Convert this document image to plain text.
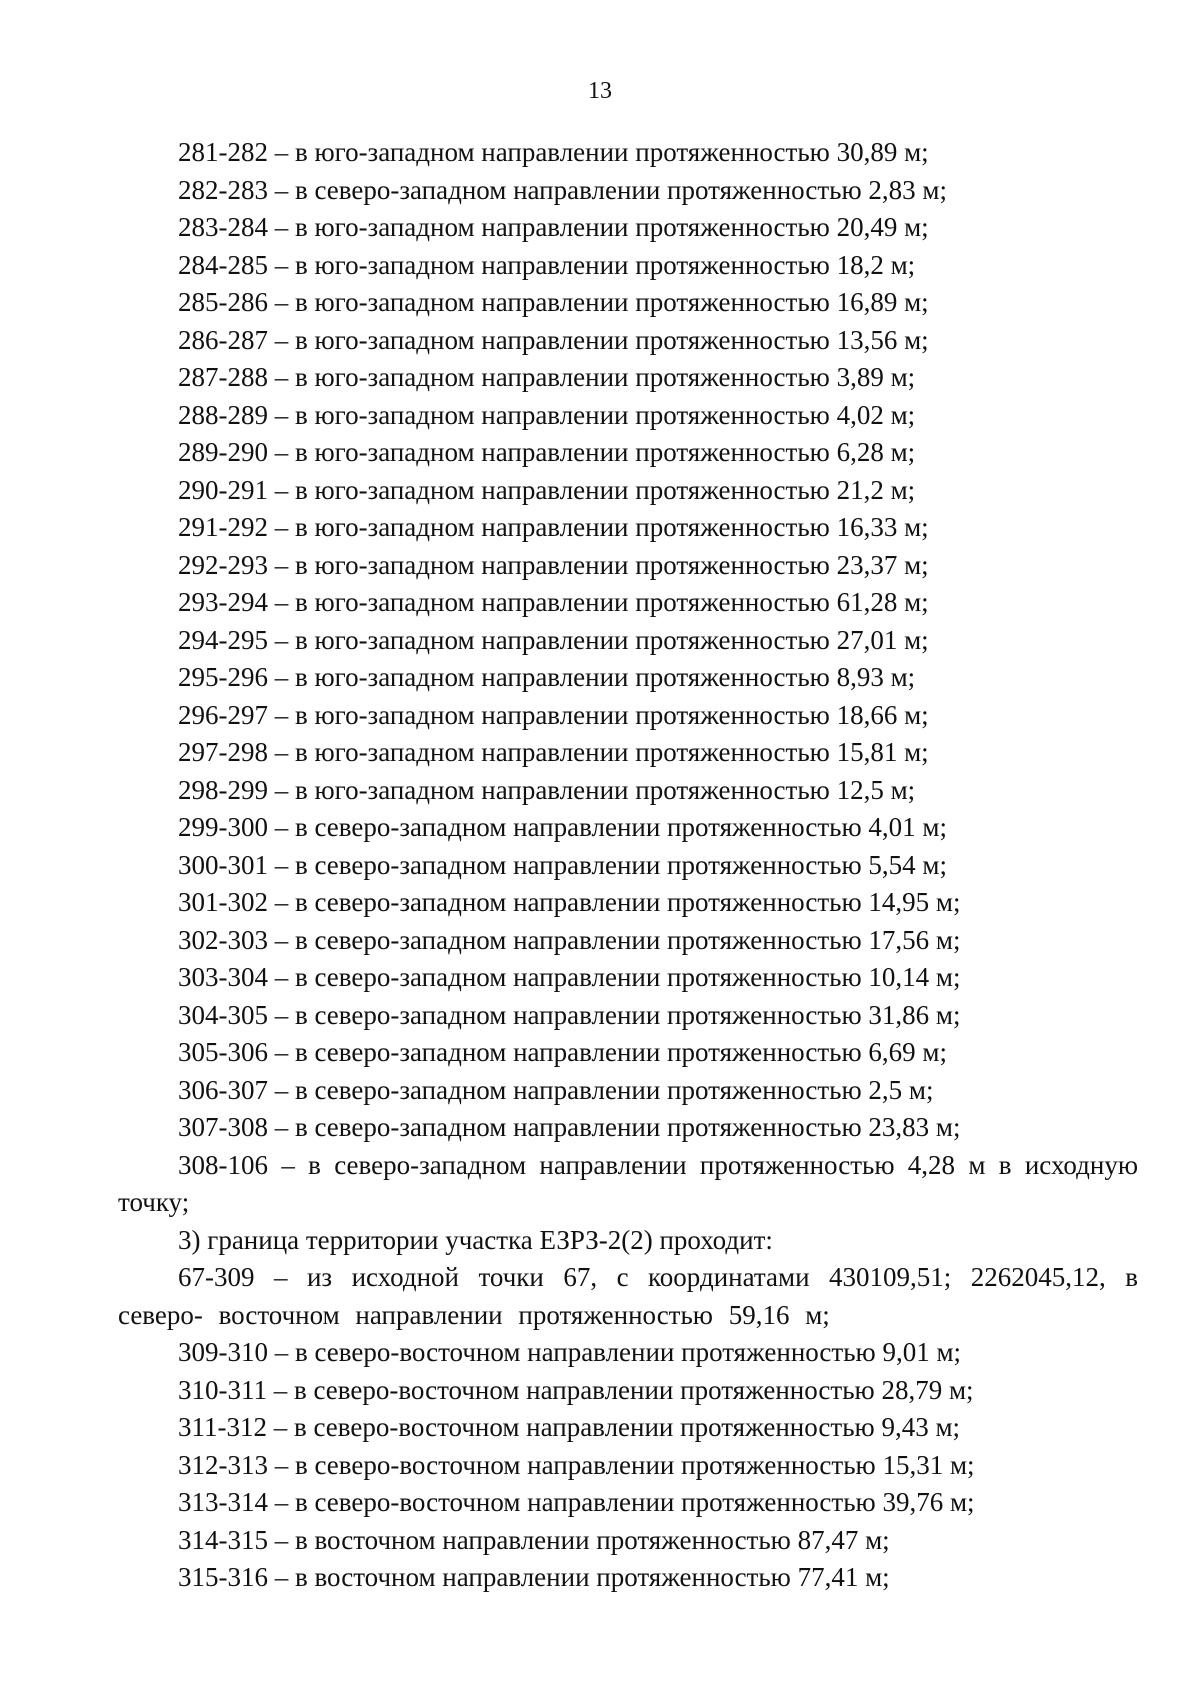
13
281-282 – в юго-западном направлении протяженностью 30,89 м;
282-283 – в северо-западном направлении протяженностью 2,83 м;
283-284 – в юго-западном направлении протяженностью 20,49 м;
284-285 – в юго-западном направлении протяженностью 18,2 м;
285-286 – в юго-западном направлении протяженностью 16,89 м;
286-287 – в юго-западном направлении протяженностью 13,56 м;
287-288 – в юго-западном направлении протяженностью 3,89 м;
288-289 – в юго-западном направлении протяженностью 4,02 м;
289-290 – в юго-западном направлении протяженностью 6,28 м;
290-291 – в юго-западном направлении протяженностью 21,2 м;
291-292 – в юго-западном направлении протяженностью 16,33 м;
292-293 – в юго-западном направлении протяженностью 23,37 м;
293-294 – в юго-западном направлении протяженностью 61,28 м;
294-295 – в юго-западном направлении протяженностью 27,01 м;
295-296 – в юго-западном направлении протяженностью 8,93 м;
296-297 – в юго-западном направлении протяженностью 18,66 м;
297-298 – в юго-западном направлении протяженностью 15,81 м;
298-299 – в юго-западном направлении протяженностью 12,5 м;
299-300 – в северо-западном направлении протяженностью 4,01 м;
300-301 – в северо-западном направлении протяженностью 5,54 м;
301-302 – в северо-западном направлении протяженностью 14,95 м;
302-303 – в северо-западном направлении протяженностью 17,56 м;
303-304 – в северо-западном направлении протяженностью 10,14 м;
304-305 – в северо-западном направлении протяженностью 31,86 м;
305-306 – в северо-западном направлении протяженностью 6,69 м;
306-307 – в северо-западном направлении протяженностью 2,5 м;
307-308 – в северо-западном направлении протяженностью 23,83 м;
308-106 – в северо-западном направлении протяженностью 4,28 м в исходную точку;
3) граница территории участка ЕЗРЗ-2(2) проходит:
67-309 – из исходной точки 67, с координатами 430109,51; 2262045,12, в северо- восточном направлении протяженностью 59,16 м;
309-310 – в северо-восточном направлении протяженностью 9,01 м;
310-311 – в северо-восточном направлении протяженностью 28,79 м;
311-312 – в северо-восточном направлении протяженностью 9,43 м;
312-313 – в северо-восточном направлении протяженностью 15,31 м;
313-314 – в северо-восточном направлении протяженностью 39,76 м;
314-315 – в восточном направлении протяженностью 87,47 м;
315-316 – в восточном направлении протяженностью 77,41 м;
